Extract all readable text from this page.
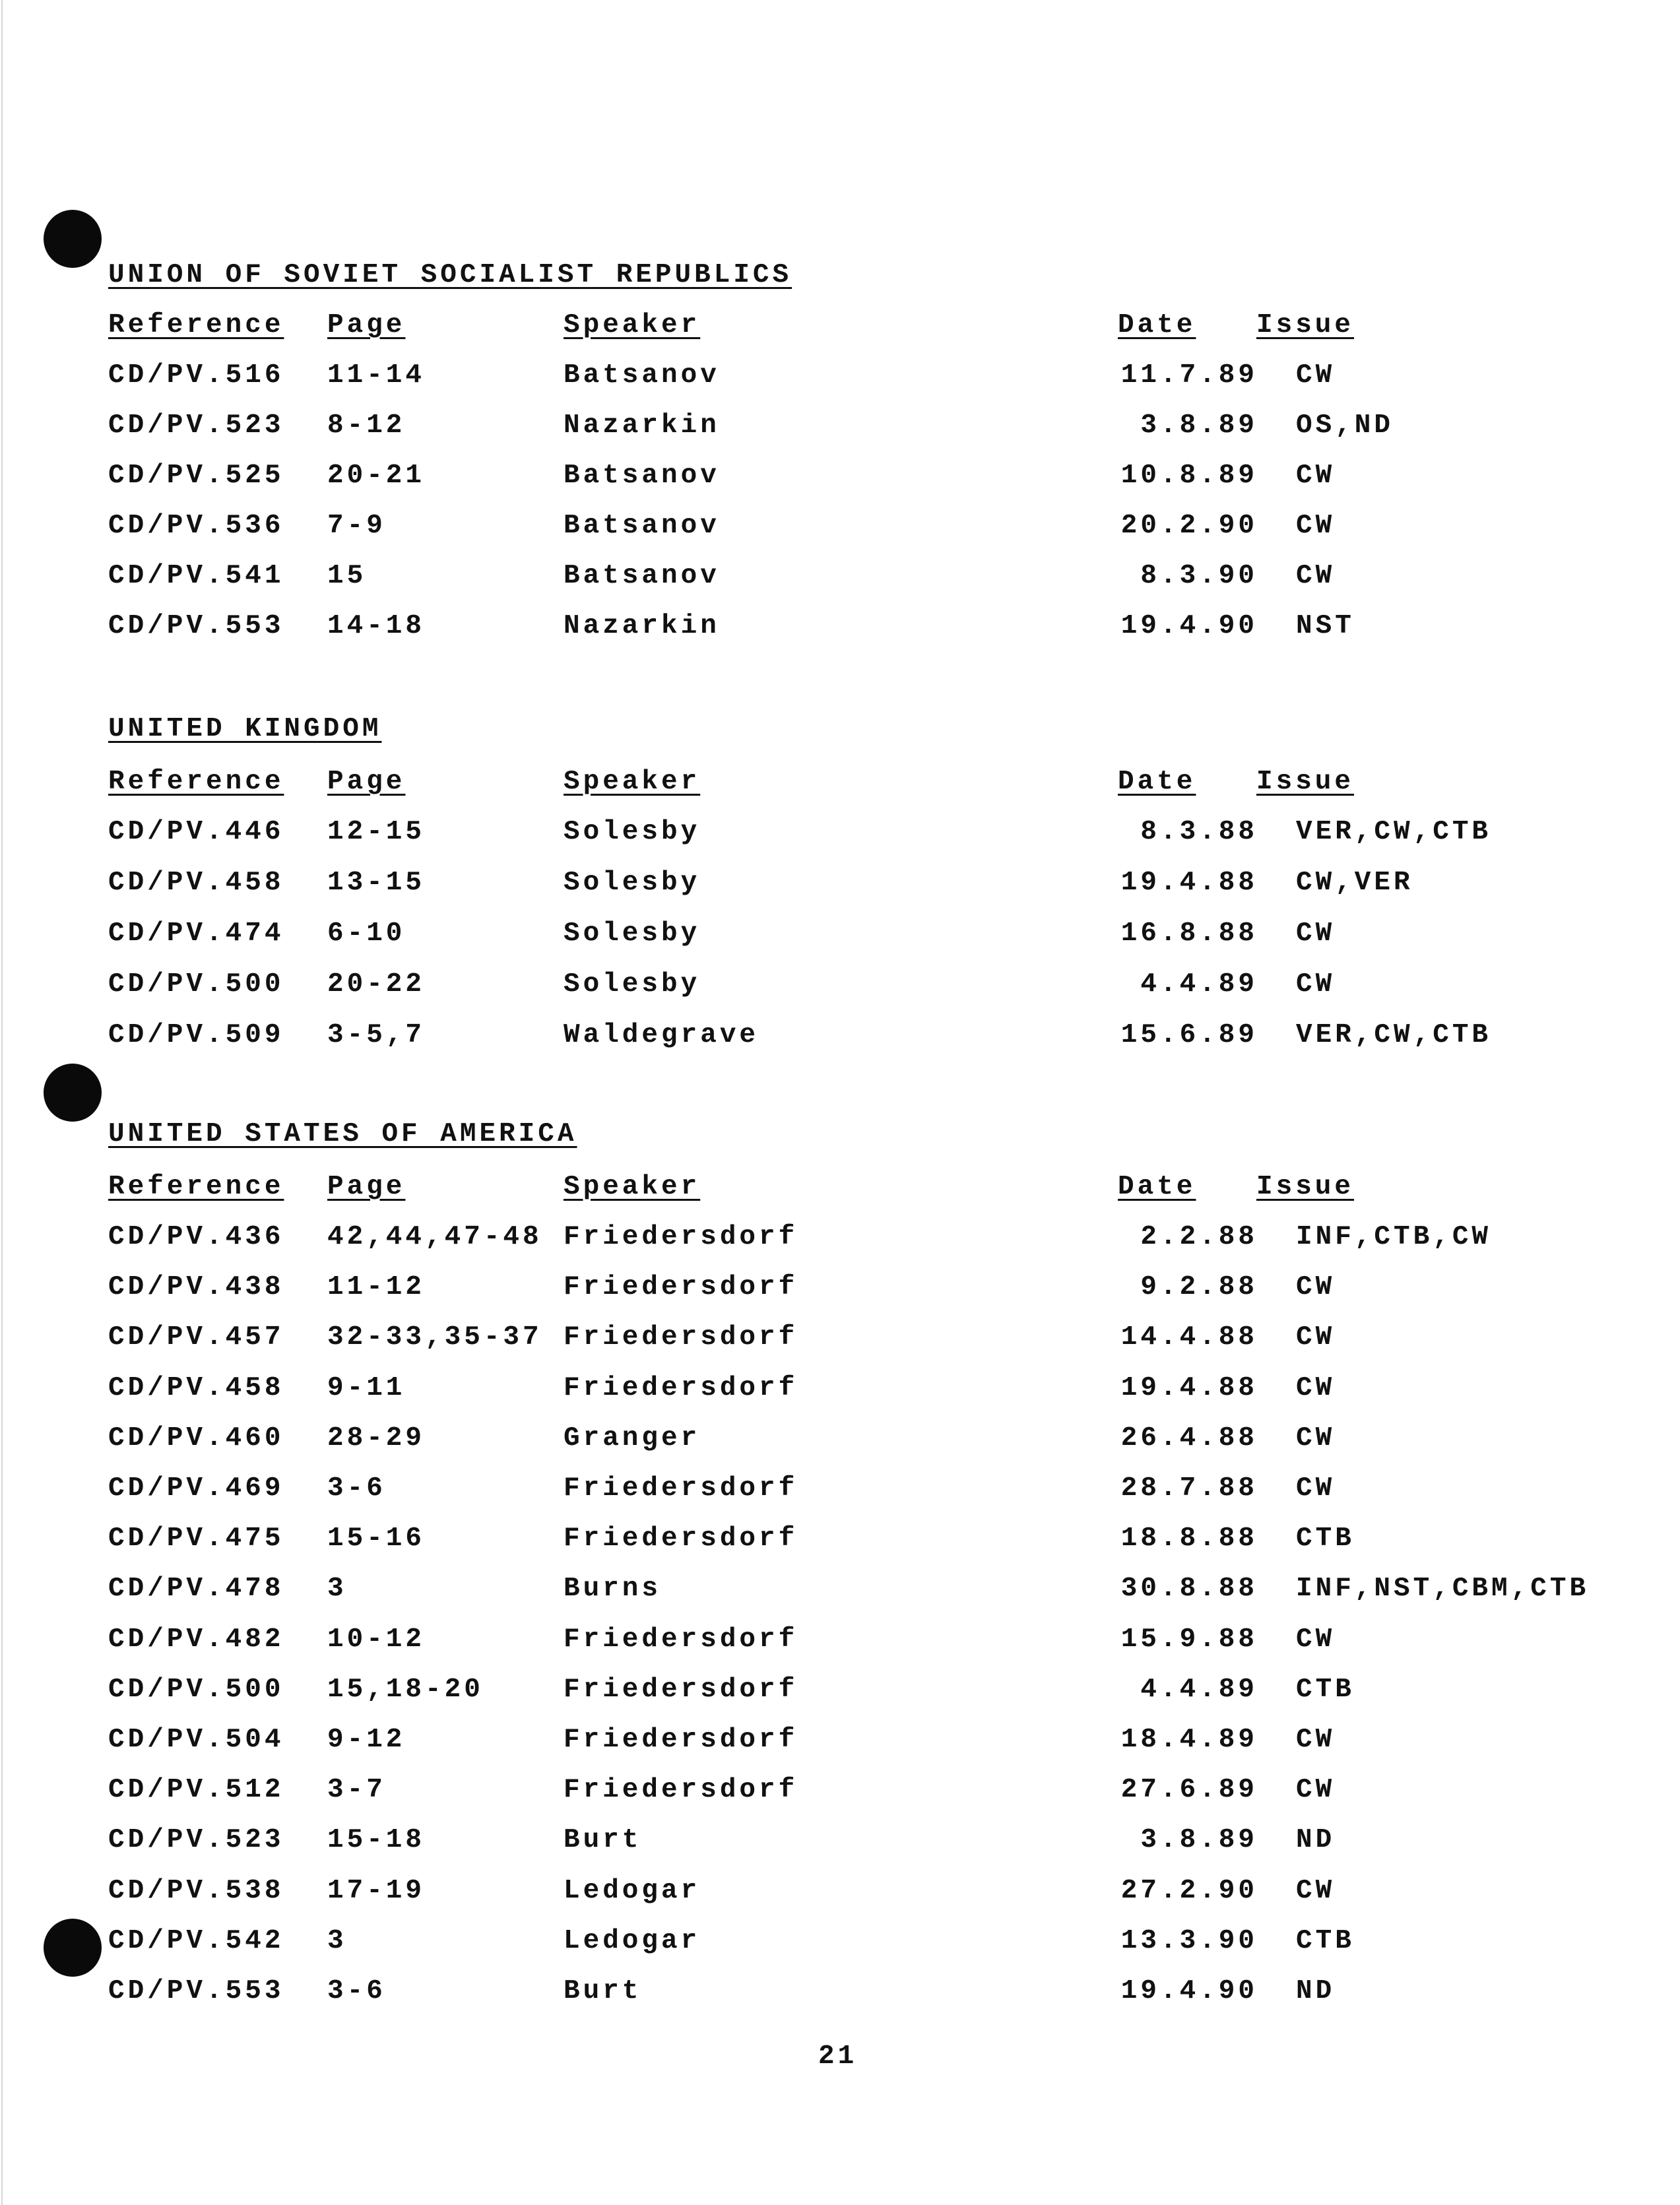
UNION OF SOVIET SOCIALIST REPUBLICS
Reference Page	Speaker	Date Issue
CD/PV.516 11-14	Batsanov	11.7.89 CW
CD/PV.523 8-12	Nazarkin	3.8.89 OS,ND
CD/PV.525 20-21	Batsanov	10.8.89 CW
CD/PV.536 7-9	Batsanov	20.2.90 CW
CD/PV.541 15	Batsanov	8.3.90 CW
CD/PV.553 14-18	Nazarkin	19.4.90 NST
UNITED KINGDOM
Reference Page	Speaker	Date Issue
CD/PV.446 12-15	Solesby	8.3.88 VER,CW,CTB
CD/PV.458 13-15	Solesby	19.4.88 CW,VER
CD/PV.474 6-10	Solesby	16.8.88 CW
CD/PV.500 20-22	Solesby	4.4.89 CW
CD/PV.509 3-5,7	Waldegrave	15.6.89 VER,CW,CTB
UNITED STATES OF AMERICA
Reference Page	Speaker	Date Issue
CD/PV.436 42,44,47-48 Friedersdorf	2.2.88 INF,CTB,CW
CD/PV.438 11-12	Friedersdorf	9.2.88 CW
CD/PV.457 32-33,35-37 Friedersdorf	14.4.88 CW
CD/PV.458 9-11	Friedersdorf	19.4.88 CW
CD/PV.460 28-29	Granger	26.4.88 CW
CD/PV.469 3-6	Friedersdorf	28.7.88 CW
CD/PV.475 15-16	Friedersdorf	18.8.88 CTB
CD/PV.478 3	Burns	30.8.88 INF,NST,CBM,CTB
CD/PV.482 10-12	Friedersdorf	15.9.88 CW
CD/PV.500 15,18-20	Friedersdorf	4.4.89 CTB
CD/PV.504 9-12	Friedersdorf	18.4.89 CW
CD/PV.512 3-7	Friedersdorf	27.6.89 CW
CD/PV.523 15-18	Burt	3.8.89 ND
CD/PV.538 17-19	Ledogar	27.2.90 CW
CD/PV.542 3	Ledogar	13.3.90 CTB
CD/PV.553 3-6	Burt	19.4.90 ND
21
